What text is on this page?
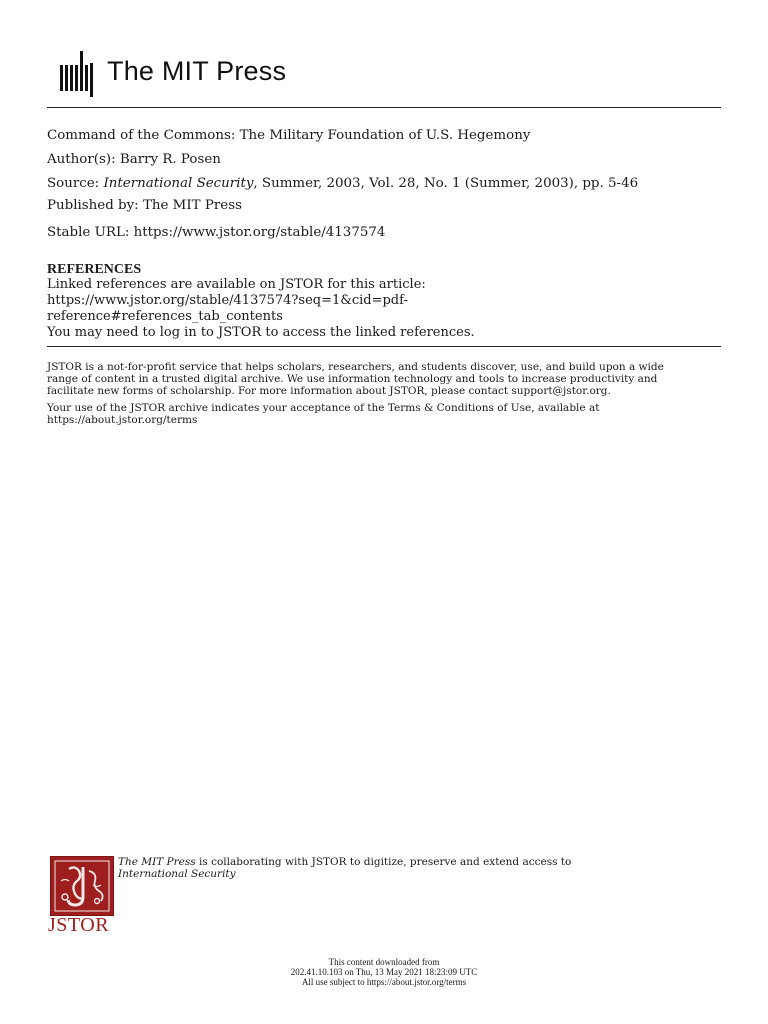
The MIT Press
Command of the Commons: The Military Foundation of U.S. Hegemony
Author(s): Barry R. Posen
Source: International Security, Summer, 2003, Vol. 28, No. 1 (Summer, 2003), pp. 5-46
Published by: The MIT Press
Stable URL: https://www.jstor.org/stable/4137574
REFERENCES
Linked references are available on JSTOR for this article:
https://www.jstor.org/stable/4137574?seq=1&cid=pdf-
reference#references_tab_contents
You may need to log in to JSTOR to access the linked references.
JSTOR is a not-for-profit service that helps scholars, researchers, and students discover, use, and build upon a wide
range of content in a trusted digital archive. We use information technology and tools to increase productivity and
facilitate new forms of scholarship. For more information about JSTOR, please contact support@jstor.org.
Your use of the JSTOR archive indicates your acceptance of the Terms & Conditions of Use, available at
https://about.jstor.org/terms
JSTOR
The MIT Press is collaborating with JSTOR to digitize, preserve and extend access to
International Security
This content downloaded from
202.41.10.103 on Thu, 13 May 2021 18:23:09 UTC
All use subject to https://about.jstor.org/terms
